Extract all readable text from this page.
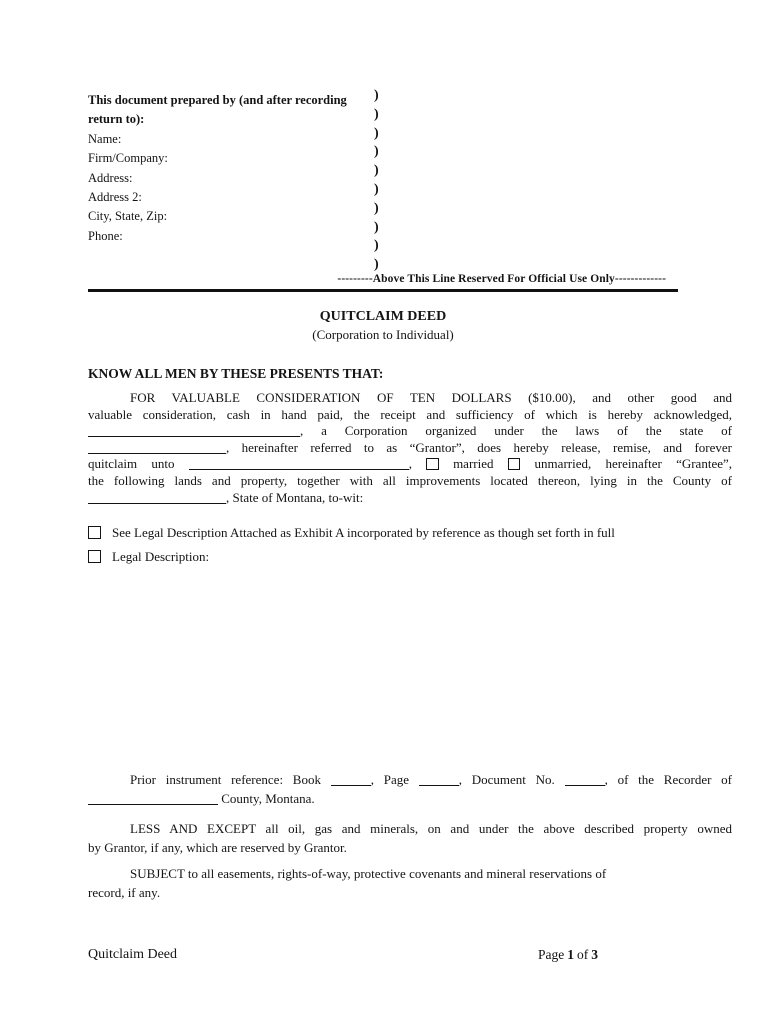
This document prepared by (and after recording
return to):
Name:
Firm/Company:
Address:
Address 2:
City, State, Zip:
Phone:
)
)
)
)
)
)
)
)
)
)
---------Above This Line Reserved For Official Use Only-------------
QUITCLAIM DEED
(Corporation to Individual)
KNOW ALL MEN BY THESE PRESENTS THAT:
FOR VALUABLE CONSIDERATION OF TEN DOLLARS ($10.00), and other good and
valuable consideration, cash in hand paid, the receipt and sufficiency of which is hereby acknowledged,
, a Corporation organized under the laws of the state of
, hereinafter referred to as “Grantor”, does hereby release, remise, and forever
quitclaim unto	,  married  unmarried, hereinafter “Grantee”,
the following lands and property, together with all improvements located thereon, lying in the County of
, State of Montana, to-wit:
See Legal Description Attached as Exhibit A incorporated by reference as though set forth in full
Legal Description:
Prior instrument reference: Book	, Page	, Document No.	, of the Recorder of
County, Montana.
LESS AND EXCEPT all oil, gas and minerals, on and under the above described property owned
by Grantor, if any, which are reserved by Grantor.
SUBJECT to all easements, rights-of-way, protective covenants and mineral reservations of
record, if any.
Quitclaim Deed	Page 1 of 3
